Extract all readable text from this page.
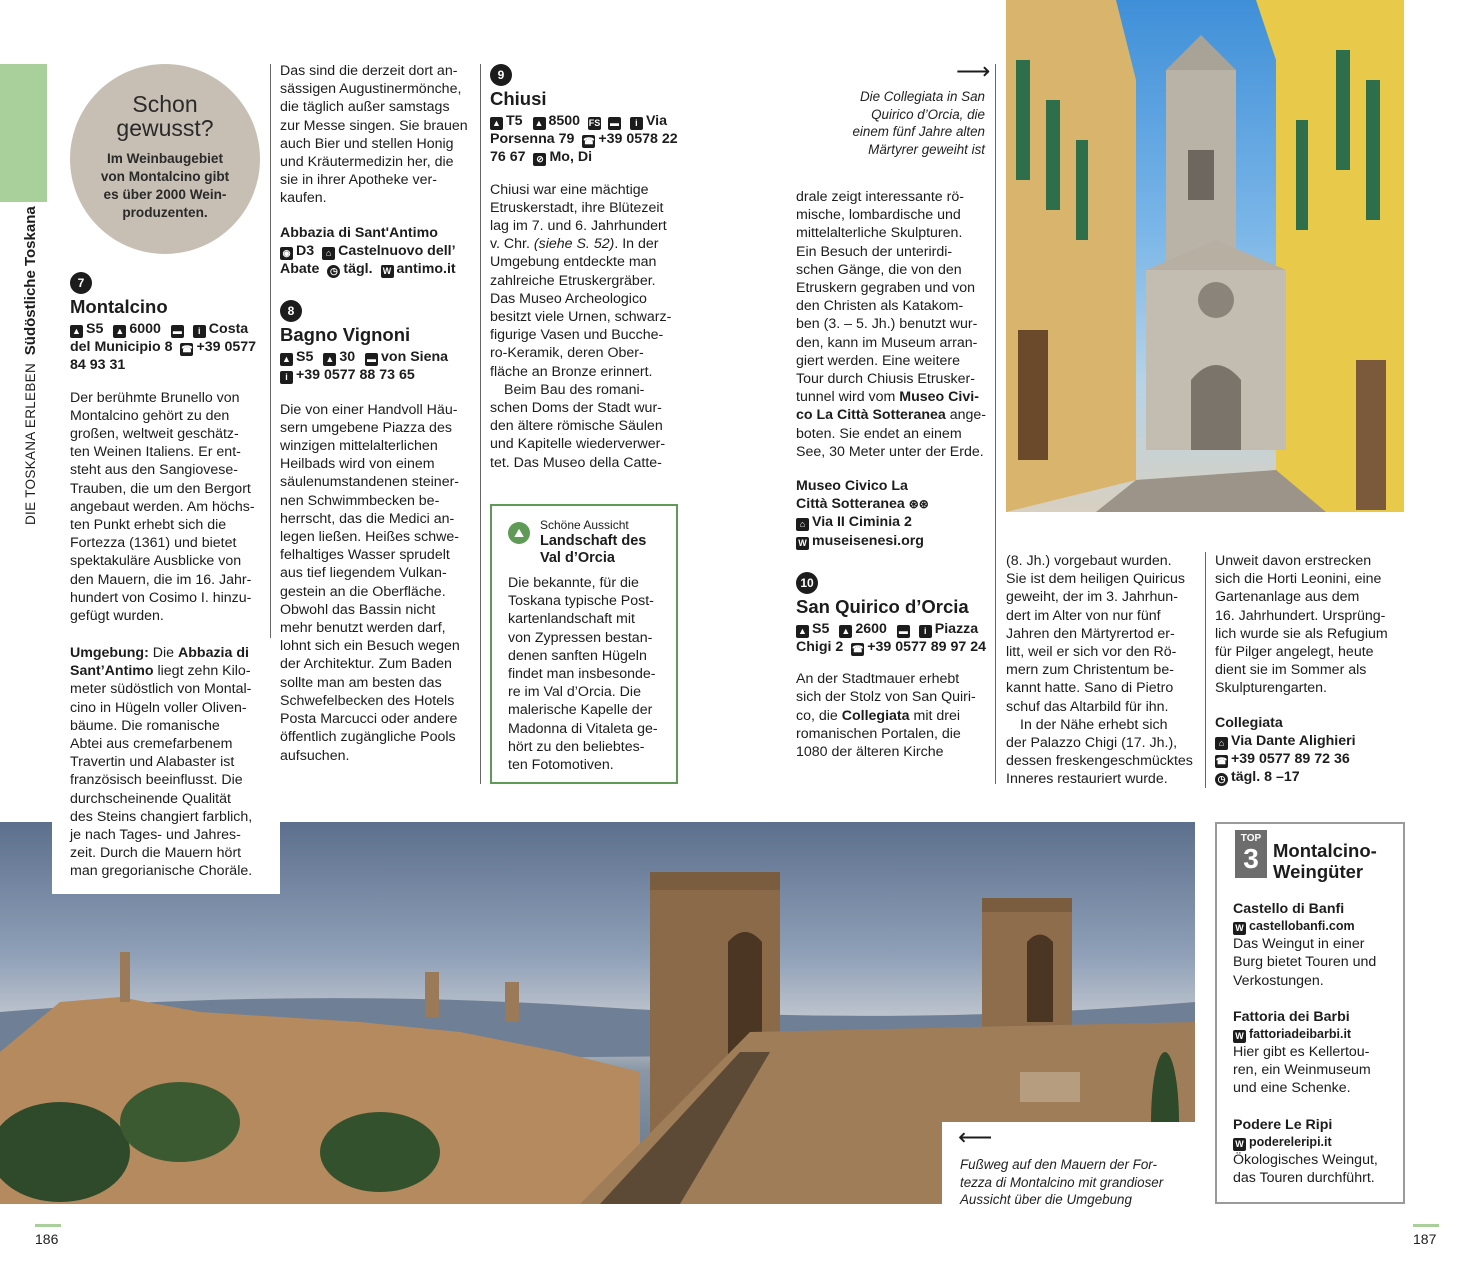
DIE TOSKANA ERLEBEN Südöstliche Toskana
Schon
gewusst?
Im Weinbaugebiet
von Montalcino gibt
es über 2000 Wein-
produzenten.
7
Montalcino
▲ S5 ▲ 6000 ▬ i Costa
del Municipio 8 ☎ +39 0577
84 93 31
Der berühmte Brunello von
Montalcino gehört zu den
großen, weltweit geschätz-
ten Weinen Italiens. Er ent-
steht aus den Sangiovese-
Trauben, die um den Bergort
angebaut werden. Am höchs-
ten Punkt erhebt sich die
Fortezza (1361) und bietet
spektakuläre Ausblicke von
den Mauern, die im 16. Jahr-
hundert von Cosimo I. hinzu-
gefügt wurden.
Umgebung: Die Abbazia di
Sant’Antimo liegt zehn Kilo-
meter südöstlich von Montal-
cino in Hügeln voller Oliven-
bäume. Die romanische
Abtei aus cremefarbenem
Travertin und Alabaster ist
französisch beeinflusst. Die
durchscheinende Qualität
des Steins changiert farblich,
je nach Tages- und Jahres-
zeit. Durch die Mauern hört
man gregorianische Choräle.
Das sind die derzeit dort an-
sässigen Augustinermönche,
die täglich außer samstags
zur Messe singen. Sie brauen
auch Bier und stellen Honig
und Kräutermedizin her, die
sie in ihrer Apotheke ver-
kaufen.
Abbazia di Sant'Antimo
◉ D3 ⌂ Castelnuovo dell’
Abate ◷ tägl. W antimo.it
8
Bagno Vignoni
▲ S5 ▲ 30 ▬ von Siena
i +39 0577 88 73 65
Die von einer Handvoll Häu-
sern umgebene Piazza des
winzigen mittelalterlichen
Heilbads wird von einem
säulenumstandenen steiner-
nen Schwimmbecken be-
herrscht, das die Medici an-
legen ließen. Heißes schwe-
felhaltiges Wasser sprudelt
aus tief liegendem Vulkan-
gestein an die Oberfläche.
Obwohl das Bassin nicht
mehr benutzt werden darf,
lohnt sich ein Besuch wegen
der Architektur. Zum Baden
sollte man am besten das
Schwefelbecken des Hotels
Posta Marcucci oder andere
öffentlich zugängliche Pools
aufsuchen.
9
Chiusi
▲ T5 ▲ 8500 FS ▬ i Via
Porsenna 79 ☎ +39 0578 22
76 67 ⊘ Mo, Di
Chiusi war eine mächtige
Etruskerstadt, ihre Blütezeit
lag im 7. und 6. Jahrhundert
v. Chr. (siehe S. 52). In der
Umgebung entdeckte man
zahlreiche Etruskergräber.
Das Museo Archeologico
besitzt viele Urnen, schwarz-
figurige Vasen und Bucche-
ro-Keramik, deren Ober-
fläche an Bronze erinnert.
Beim Bau des romani-
schen Doms der Stadt wur-
den ältere römische Säulen
und Kapitelle wiederverwer-
tet. Das Museo della Catte-
⛰
Schöne Aussicht
Landschaft des
Val d’Orcia
Die bekannte, für die
Toskana typische Post-
kartenlandschaft mit
von Zypressen bestan-
denen sanften Hügeln
findet man insbesonde-
re im Val d’Orcia. Die
malerische Kapelle der
Madonna di Vitaleta ge-
hört zu den beliebtes-
ten Fotomotiven.
⟶
Die Collegiata in San
Quirico d’Orcia, die
einem fünf Jahre alten
Märtyrer geweiht ist
drale zeigt interessante rö-
mische, lombardische und
mittelalterliche Skulpturen.
Ein Besuch der unterirdi-
schen Gänge, die von den
Etruskern gegraben und von
den Christen als Katakom-
ben (3. – 5. Jh.) benutzt wur-
den, kann im Museum arran-
giert werden. Eine weitere
Tour durch Chiusis Etrusker-
tunnel wird vom Museo Civi-
co La Città Sotteranea ange-
boten. Sie endet an einem
See, 30 Meter unter der Erde.
Museo Civico La
Città Sotteranea ⊛⊛
⌂ Via II Ciminia 2
W museisenesi.org
10
San Quirico d’Orcia
▲ S5 ▲ 2600 ▬ i Piazza
Chigi 2 ☎ +39 0577 89 97 24
An der Stadtmauer erhebt
sich der Stolz von San Quiri-
co, die Collegiata mit drei
romanischen Portalen, die
1080 der älteren Kirche
(8. Jh.) vorgebaut wurden.
Sie ist dem heiligen Quiricus
geweiht, der im 3. Jahrhun-
dert im Alter von nur fünf
Jahren den Märtyrertod er-
litt, weil er sich vor den Rö-
mern zum Christentum be-
kannt hatte. Sano di Pietro
schuf das Altarbild für ihn.
In der Nähe erhebt sich
der Palazzo Chigi (17. Jh.),
dessen freskengeschmücktes
Inneres restauriert wurde.
Unweit davon erstrecken
sich die Horti Leonini, eine
Gartenanlage aus dem
16. Jahrhundert. Ursprüng-
lich wurde sie als Refugium
für Pilger angelegt, heute
dient sie im Sommer als
Skulpturengarten.
Collegiata
⌂ Via Dante Alighieri
☎ +39 0577 89 72 36
◷ tägl. 8 –17
⟵
Fußweg auf den Mauern der For-
tezza di Montalcino mit grandioser
Aussicht über die Umgebung
TOP
3 Montalcino-
Weingüter
Castello di Banfi
W castellobanfi.com
Das Weingut in einer
Burg bietet Touren und
Verkostungen.
Fattoria dei Barbi
W fattoriadeibarbi.it
Hier gibt es Kellertou-
ren, ein Weinmuseum
und eine Schenke.
Podere Le Ripi
W podereleripi.it
Ökologisches Weingut,
das Touren durchführt.
186	187
